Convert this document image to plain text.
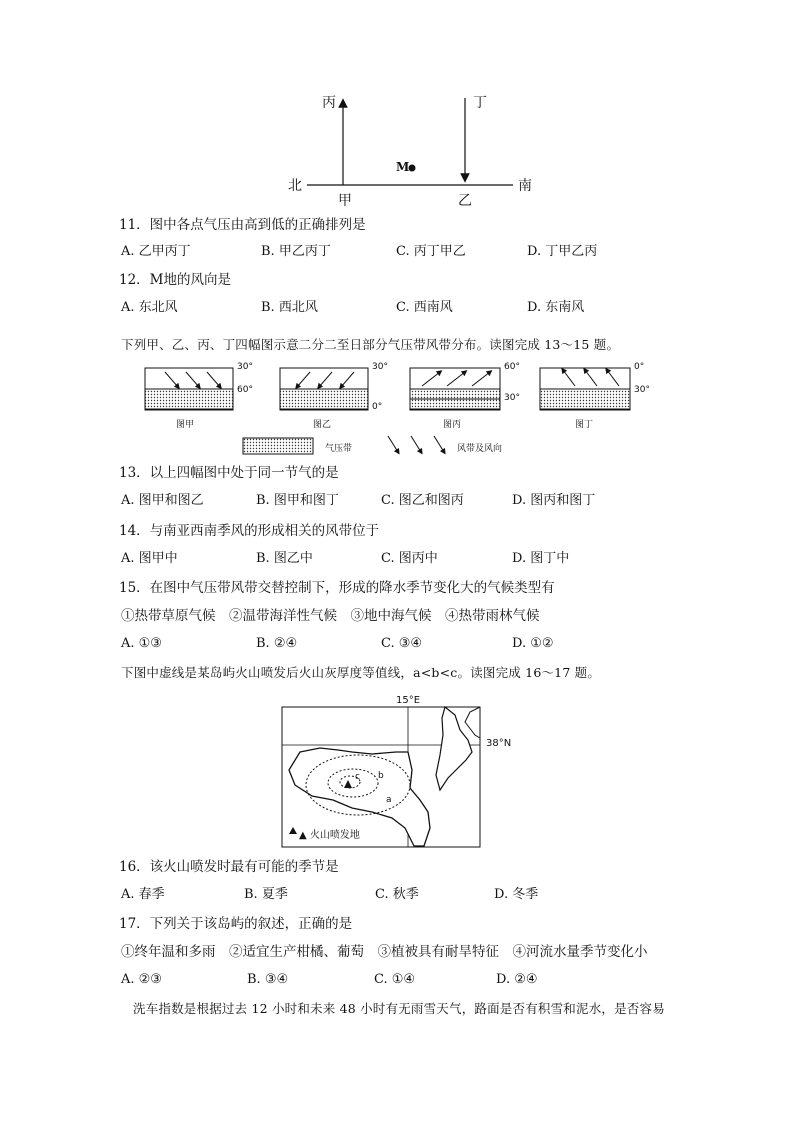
丙	丁
北	南
甲	乙
M
11．图中各点气压由高到低的正确排列是
A. 乙甲丙丁	B. 甲乙丙丁	C. 丙丁甲乙	D. 丁甲乙丙
12．M地的风向是
A. 东北风	B. 西北风	C. 西南风	D. 东南风
下列甲、乙、丙、丁四幅图示意二分二至日部分气压带风带分布。读图完成 13～15 题。
30°
60°
图甲
30°
0°
图乙
60°
30°
图丙
0°
30°
图丁
气压带	风带及风向
13．以上四幅图中处于同一节气的是
A. 图甲和图乙	B. 图甲和图丁	C. 图乙和图丙	D. 图丙和图丁
14．与南亚西南季风的形成相关的风带位于
A. 图甲中	B. 图乙中	C. 图丙中	D. 图丁中
15．在图中气压带风带交替控制下，形成的降水季节变化大的气候类型有
①热带草原气候　②温带海洋性气候　③地中海气候　④热带雨林气候
A. ①③	B. ②④	C. ③④	D. ①②
下图中虚线是某岛屿火山喷发后火山灰厚度等值线，a<b<c。读图完成 16～17 题。
15°E
38°N
c b
a
▲ 火山喷发地
16．该火山喷发时最有可能的季节是
A. 春季	B. 夏季	C. 秋季	D. 冬季
17．下列关于该岛屿的叙述，正确的是
①终年温和多雨　②适宜生产柑橘、葡萄　③植被具有耐旱特征　④河流水量季节变化小
A. ②③	B. ③④	C. ①④	D. ②④
洗车指数是根据过去 12 小时和未来 48 小时有无雨雪天气，路面是否有积雪和泥水，是否容易
